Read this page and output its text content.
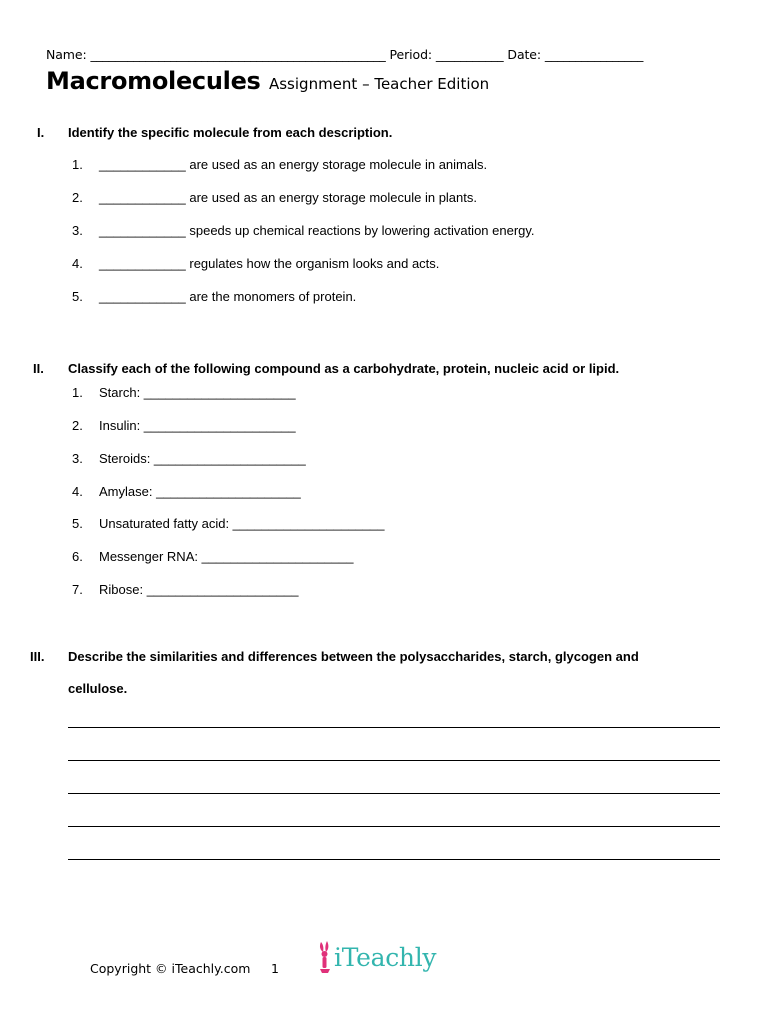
Name: ________________________________________________ Period: ___________ Date: ________________
Macromolecules Assignment – Teacher Edition
I. Identify the specific molecule from each description.
1. ____________ are used as an energy storage molecule in animals.
2. ____________ are used as an energy storage molecule in plants.
3. ____________ speeds up chemical reactions by lowering activation energy.
4. ____________ regulates how the organism looks and acts.
5. ____________ are the monomers of protein.
II. Classify each of the following compound as a carbohydrate, protein, nucleic acid or lipid.
1. Starch: _____________________
2. Insulin: _____________________
3. Steroids: _____________________
4. Amylase: ____________________
5. Unsaturated fatty acid: _____________________
6. Messenger RNA: _____________________
7. Ribose: _____________________
III. Describe the similarities and differences between the polysaccharides, starch, glycogen and
cellulose.
Copyright © iTeachly.com 1 iTeachly
